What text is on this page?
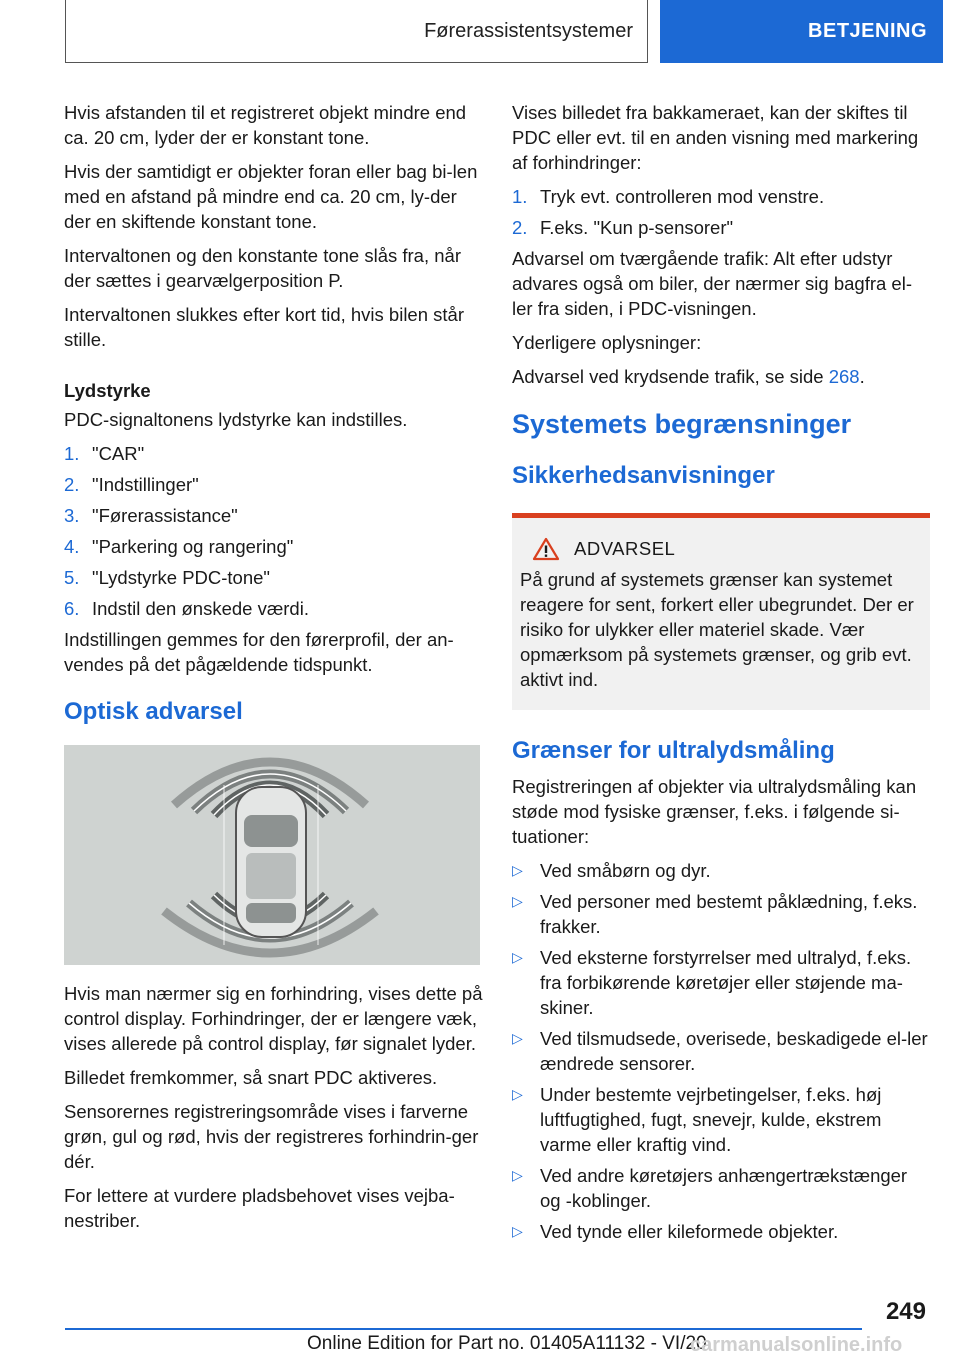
Førerassistentsystemer	BETJENING

Hvis afstanden til et registreret objekt mindre end ca. 20 cm, lyder der er konstant tone.

Hvis der samtidigt er objekter foran eller bag bi-len med en afstand på mindre end ca. 20 cm, ly-der der en skiftende konstant tone.

Intervaltonen og den konstante tone slås fra, når der sættes i gearvælgerposition P.

Intervaltonen slukkes efter kort tid, hvis bilen står stille.

Lydstyrke

PDC-signaltonens lydstyrke kan indstilles.

1. "CAR"
2. "Indstillinger"
3. "Førerassistance"
4. "Parkering og rangering"
5. "Lydstyrke PDC-tone"
6. Indstil den ønskede værdi.

Indstillingen gemmes for den førerprofil, der an-vendes på det pågældende tidspunkt.

Optisk advarsel

Hvis man nærmer sig en forhindring, vises dette på control display. Forhindringer, der er længere væk, vises allerede på control display, før signalet lyder.

Billedet fremkommer, så snart PDC aktiveres.

Sensorernes registreringsområde vises i farverne grøn, gul og rød, hvis der registreres forhindrin-ger dér.

For lettere at vurdere pladsbehovet vises vejba-nestriber.

Vises billedet fra bakkameraet, kan der skiftes til PDC eller evt. til en anden visning med markering af forhindringer:

1. Tryk evt. controlleren mod venstre.
2. F.eks. "Kun p-sensorer"

Advarsel om tværgående trafik: Alt efter udstyr advares også om biler, der nærmer sig bagfra el-ler fra siden, i PDC-visningen.

Yderligere oplysninger:

Advarsel ved krydsende trafik, se side 268.

Systemets begrænsninger
Sikkerhedsanvisninger
ADVARSEL
På grund af systemets grænser kan systemet reagere for sent, forkert eller ubegrundet. Der er risiko for ulykker eller materiel skade. Vær opmærksom på systemets grænser, og grib evt. aktivt ind.
Grænser for ultralydsmåling

Registreringen af objekter via ultralydsmåling kan støde mod fysiske grænser, f.eks. i følgende si-tuationer:

▷ Ved småbørn og dyr.
▷ Ved personer med bestemt påklædning, f.eks. frakker.
▷ Ved eksterne forstyrrelser med ultralyd, f.eks. fra forbikørende køretøjer eller støjende ma-skiner.
▷ Ved tilsmudsede, overisede, beskadigede el-ler ændrede sensorer.
▷ Under bestemte vejrbetingelser, f.eks. høj luftfugtighed, fugt, snevejr, kulde, ekstrem varme eller kraftig vind.
▷ Ved andre køretøjers anhængertrækstænger og -koblinger.
▷ Ved tynde eller kileformede objekter.
249
Online Edition for Part no. 01405A11132 - VI/20
carmanualsonline.info
